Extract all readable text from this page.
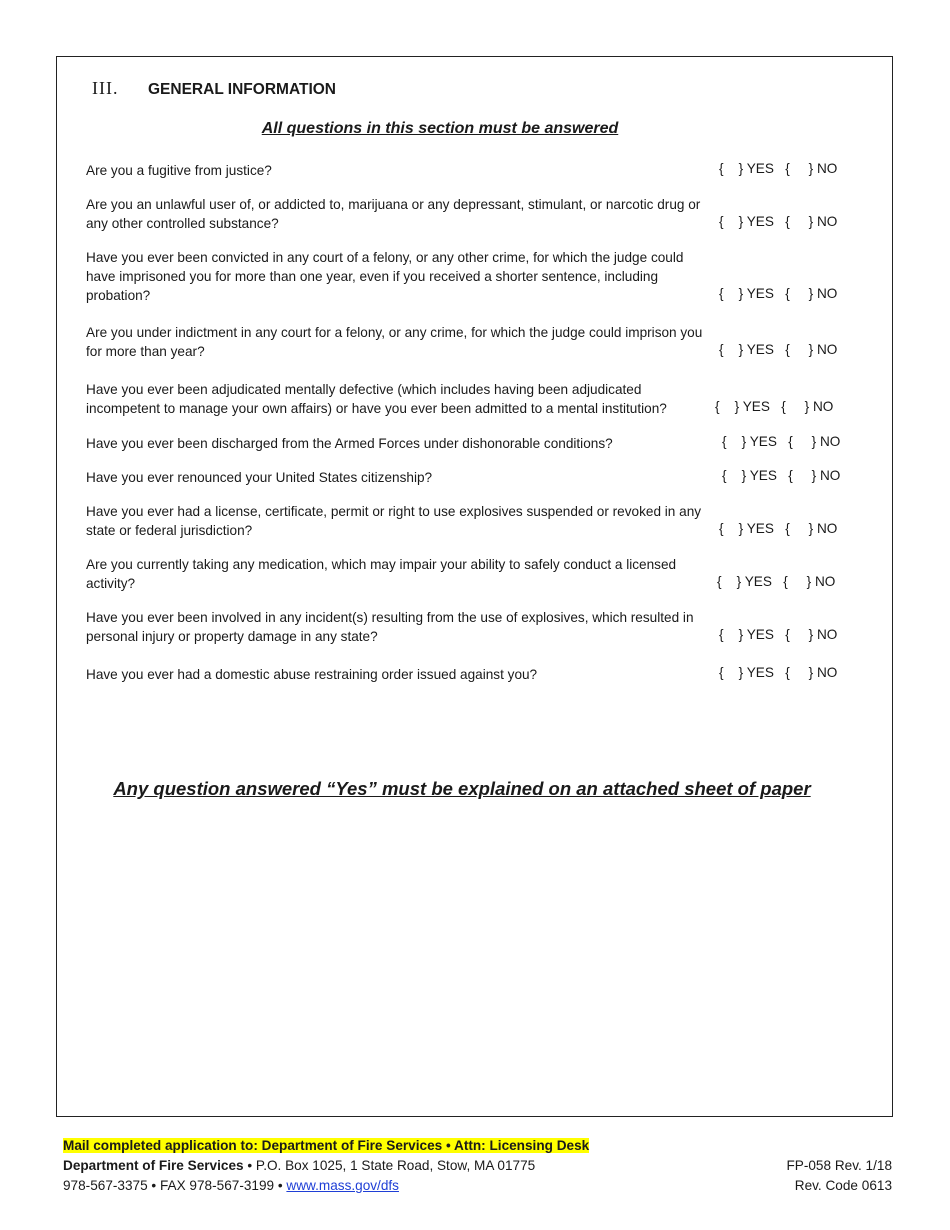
III.	GENERAL INFORMATION
All questions in this section must be answered
Are you a fugitive from justice?	{    } YES   {     } NO
Are you an unlawful user of, or addicted to, marijuana or any depressant, stimulant, or narcotic drug or any other controlled substance?	{    } YES   {     } NO
Have you ever been convicted in any court of a felony, or any other crime, for which the judge could have imprisoned you for more than one year, even if you received a shorter sentence, including probation?	{    } YES   {     } NO
Are you under indictment in any court for a felony, or any crime, for which the judge could imprison you for more than year?	{    } YES   {     } NO
Have you ever been adjudicated mentally defective (which includes having been adjudicated incompetent to manage your own affairs) or have you ever been admitted to a mental institution?	{    } YES   {     } NO
Have you ever been discharged from the Armed Forces under dishonorable conditions?	{    } YES   {     } NO
Have you ever renounced your United States citizenship?	{    } YES   {     } NO
Have you ever had a license, certificate, permit or right to use explosives suspended or revoked in any state or federal jurisdiction?	{    } YES   {     } NO
Are you currently taking any medication, which may impair your ability to safely conduct a licensed activity?	{    } YES   {     } NO
Have you ever been involved in any incident(s) resulting from the use of explosives, which resulted in personal injury or property damage in any state?	{    } YES   {     } NO
Have you ever had a domestic abuse restraining order issued against you?	{    } YES   {     } NO
Any question answered “Yes” must be explained on an attached sheet of paper
Mail completed application to: Department of Fire Services • Attn: Licensing Desk
Department of Fire Services • P.O. Box 1025, 1 State Road, Stow, MA 01775
978-567-3375 • FAX 978-567-3199 • www.mass.gov/dfs
FP-058 Rev. 1/18
Rev. Code 0613
